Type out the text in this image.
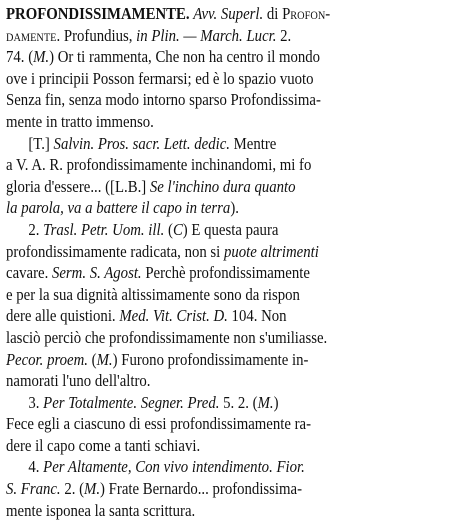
PROFONDISSIMAMENTE. Avv. Superl. di Profon-
damente. Profundius, in Plin. — March. Lucr. 2.
74. (M.) Or ti rammenta, Che non ha centro il mondo
ove i principii Posson fermarsi; ed è lo spazio vuoto
Senza fin, senza modo intorno sparso Profondissima-
mente in tratto immenso.
[T.] Salvin. Pros. sacr. Lett. dedic. Mentre
a V. A. R. profondissimamente inchinandomi, mi fo
gloria d'essere... ([L.B.] Se l'inchino dura quanto
la parola, va a battere il capo in terra).
2. Trasl. Petr. Uom. ill. (C) E questa paura
profondissimamente radicata, non si puote altrimenti
cavare. Serm. S. Agost. Perchè profondissimamente
e per la sua dignità altissimamente sono da rispon
dere alle quistioni. Med. Vit. Crist. D. 104. Non
lasciò perciò che profondissimamente non s'umiliasse.
Pecor. proem. (M.) Furono profondissimamente in-
namorati l'uno dell'altro.
3. Per Totalmente. Segner. Pred. 5. 2. (M.)
Fece egli a ciascuno di essi profondissimamente ra-
dere il capo come a tanti schiavi.
4. Per Altamente, Con vivo intendimento. Fior.
S. Franc. 2. (M.) Frate Bernardo... profondissima-
mente isponea la santa scrittura.
